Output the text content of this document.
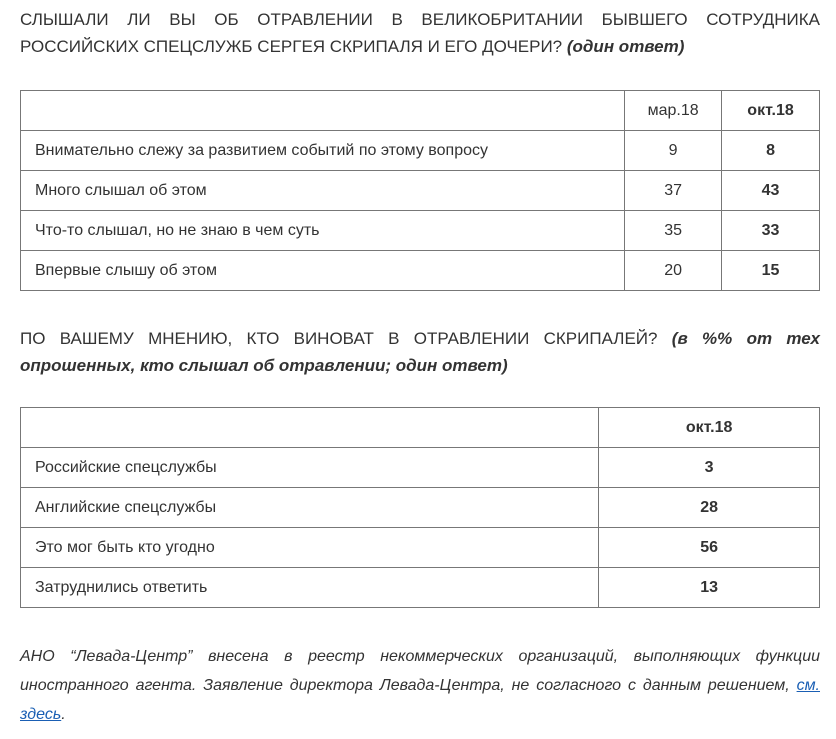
СЛЫШАЛИ ЛИ ВЫ ОБ ОТРАВЛЕНИИ В ВЕЛИКОБРИТАНИИ БЫВШЕГО СОТРУДНИКА РОССИЙСКИХ СПЕЦСЛУЖБ СЕРГЕЯ СКРИПАЛЯ И ЕГО ДОЧЕРИ? (один ответ)
	мар.18	окт.18
Внимательно слежу за развитием событий по этому вопросу	9	8
Много слышал об этом	37	43
Что-то слышал, но не знаю в чем суть	35	33
Впервые слышу об этом	20	15
ПО ВАШЕМУ МНЕНИЮ, КТО ВИНОВАТ В ОТРАВЛЕНИИ СКРИПАЛЕЙ? (в %% от тех опрошенных, кто слышал об отравлении; один ответ)
	окт.18
Российские спецслужбы	3
Английские спецслужбы	28
Это мог быть кто угодно	56
Затруднились ответить	13
АНО “Левада-Центр” внесена в реестр некоммерческих организаций, выполняющих функции иностранного агента. Заявление директора Левада-Центра, не согласного с данным решением, см. здесь.
